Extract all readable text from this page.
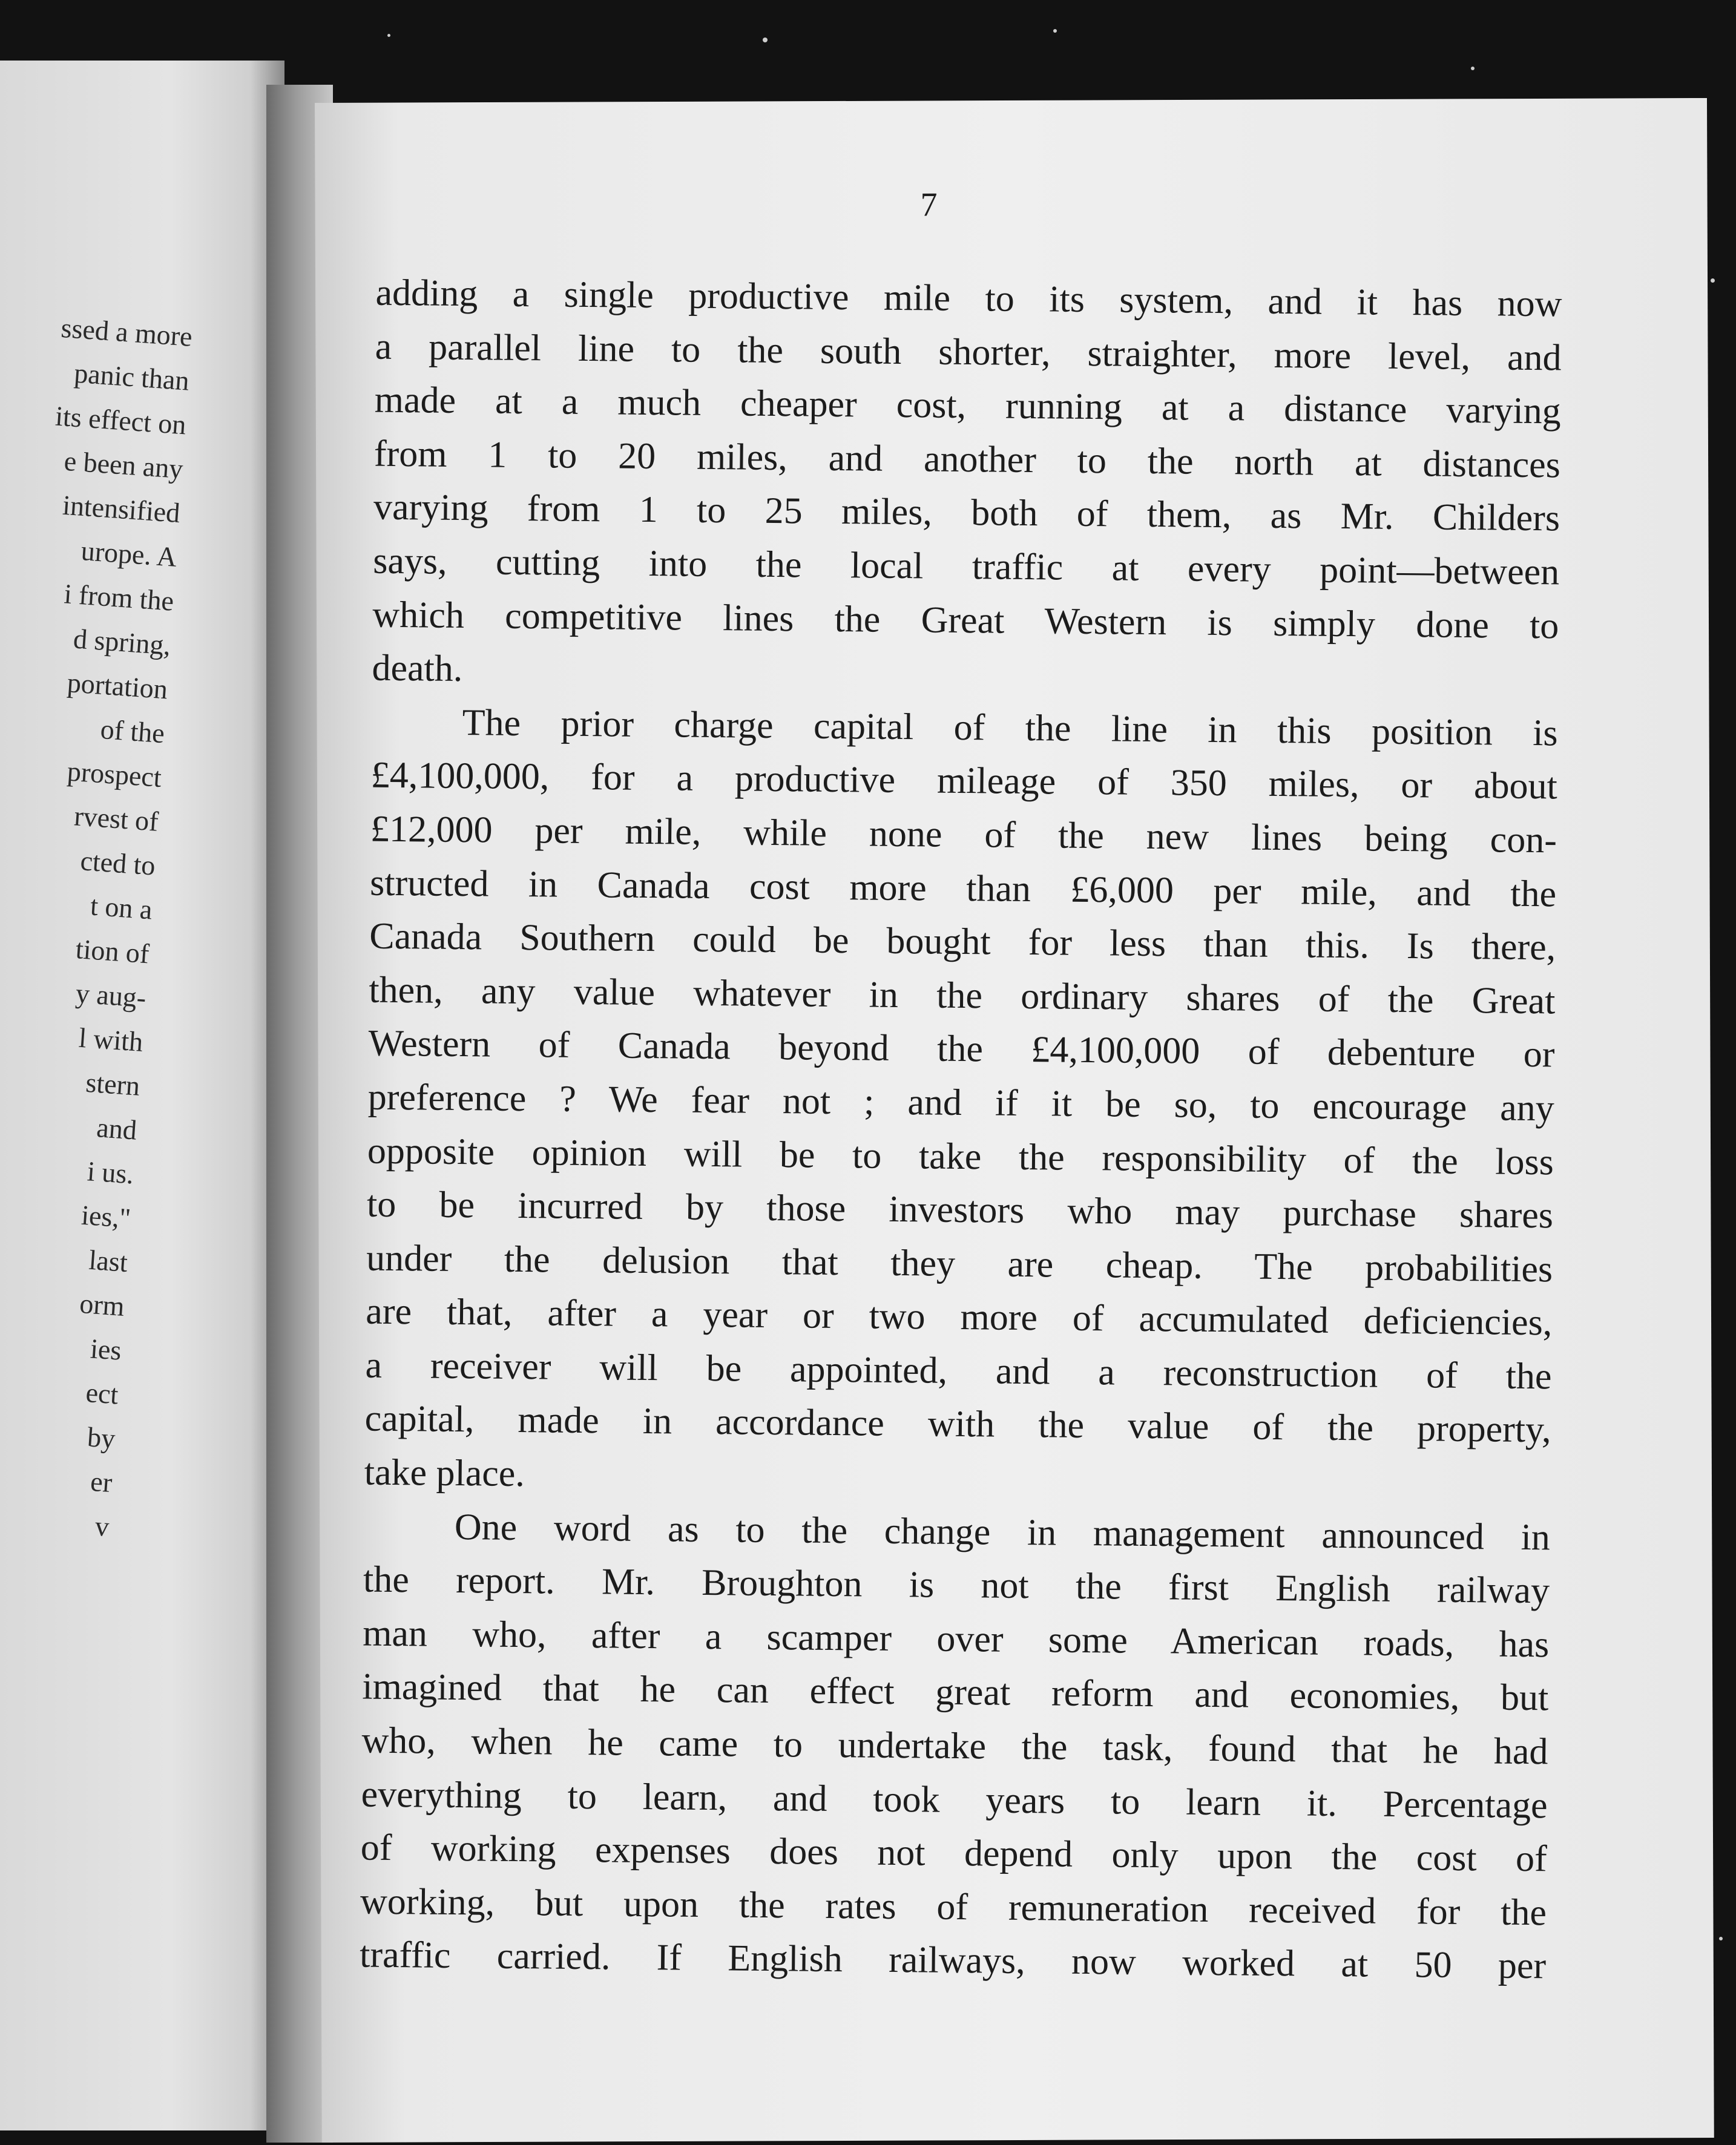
ssed a more
panic than
its effect on
e been any
intensified
urope. A
i from the
d spring,
portation
of the
prospect
rvest of
cted to
t on a
tion of
y aug-
l with
stern
and
i us.
ies,"
last
orm
ies
ect
by
er
v
7
adding a single productive mile to its system, and it has now
a parallel line to the south shorter, straighter, more level, and
made at a much cheaper cost, running at a distance varying
from 1 to 20 miles, and another to the north at distances
varying from 1 to 25 miles, both of them, as Mr. Childers
says, cutting into the local traffic at every point—between
which competitive lines the Great Western is simply done to
death.
The prior charge capital of the line in this position is
£4,100,000, for a productive mileage of 350 miles, or about
£12,000 per mile, while none of the new lines being con-
structed in Canada cost more than £6,000 per mile, and the
Canada Southern could be bought for less than this. Is there,
then, any value whatever in the ordinary shares of the Great
Western of Canada beyond the £4,100,000 of debenture or
preference ? We fear not ; and if it be so, to encourage any
opposite opinion will be to take the responsibility of the loss
to be incurred by those investors who may purchase shares
under the delusion that they are cheap. The probabilities
are that, after a year or two more of accumulated deficiencies,
a receiver will be appointed, and a reconstruction of the
capital, made in accordance with the value of the property,
take place.
One word as to the change in management announced in
the report. Mr. Broughton is not the first English railway
man who, after a scamper over some American roads, has
imagined that he can effect great reform and economies, but
who, when he came to undertake the task, found that he had
everything to learn, and took years to learn it. Percentage
of working expenses does not depend only upon the cost of
working, but upon the rates of remuneration received for the
traffic carried. If English railways, now worked at 50 per
